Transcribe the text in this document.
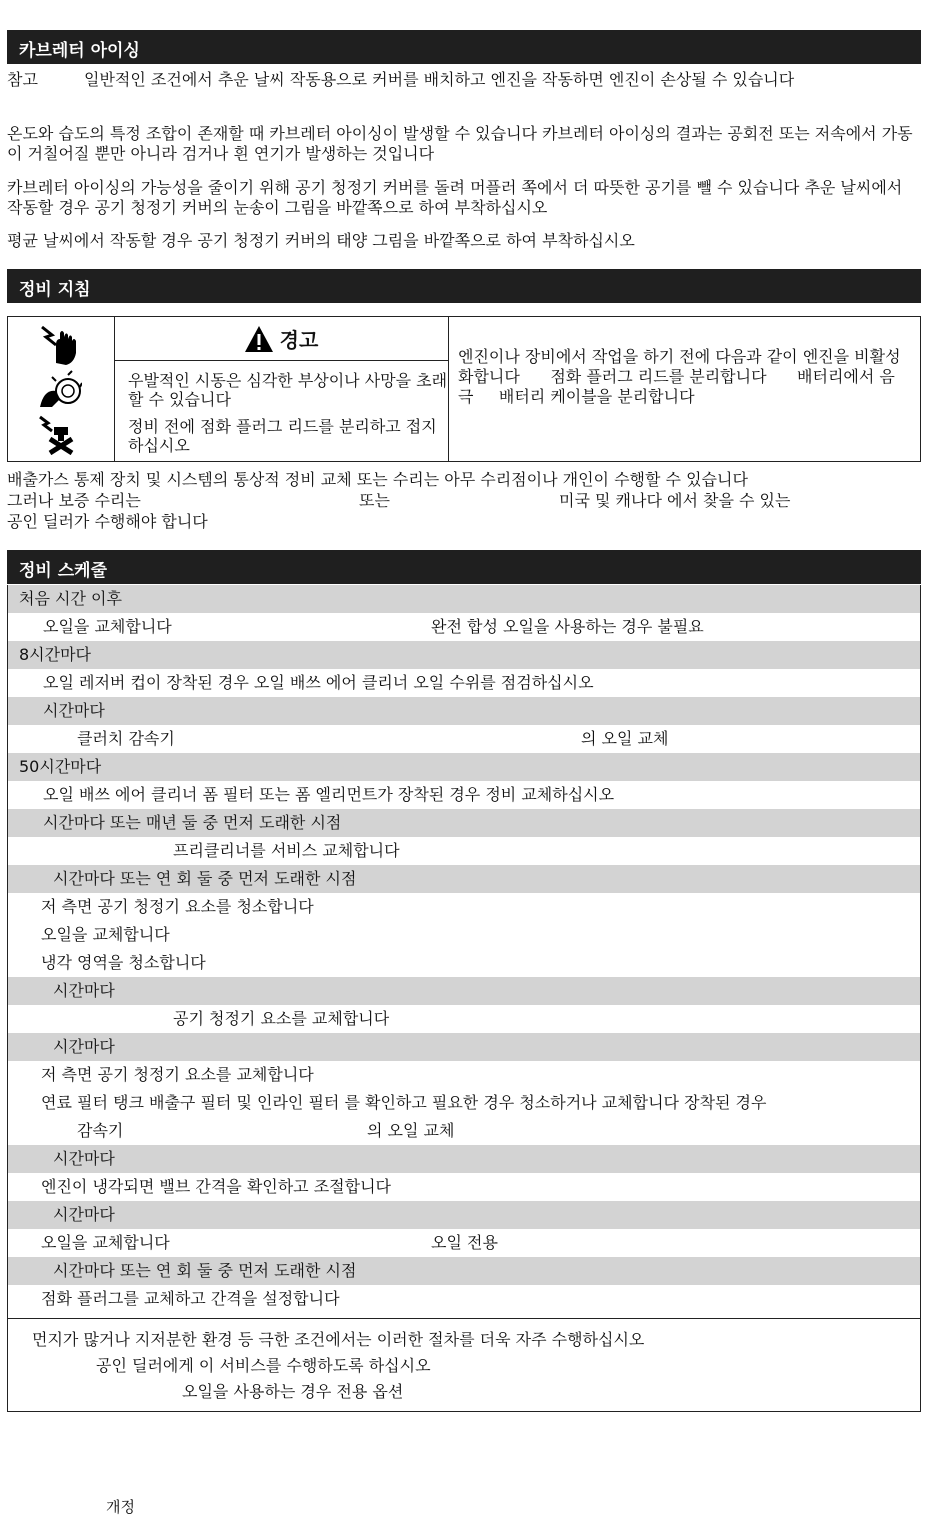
카브레터 아이싱
참고	일반적인 조건에서 추운 날씨 작동용으로 커버를 배치하고 엔진을 작동하면 엔진이 손상될 수 있습니다

온도와 습도의 특정 조합이 존재할 때 카브레터 아이싱이 발생할 수 있습니다 카브레터 아이싱의 결과는 공회전 또는 저속에서 가동이 거칠어질 뿐만 아니라 검거나 흰 연기가 발생하는 것입니다

카브레터 아이싱의 가능성을 줄이기 위해 공기 청정기 커버를 돌려 머플러 쪽에서 더 따뜻한 공기를 뺄 수 있습니다 추운 날씨에서 작동할 경우 공기 청정기 커버의 눈송이 그림을 바깥쪽으로 하여 부착하십시오

평균 날씨에서 작동할 경우 공기 청정기 커버의 태양 그림을 바깥쪽으로 하여 부착하십시오

정비 지침
경고

우발적인 시동은 심각한 부상이나 사망을 초래할 수 있습니다

정비 전에 점화 플러그 리드를 분리하고 접지하십시오

엔진이나 장비에서 작업을 하기 전에 다음과 같이 엔진을 비활성화합니다      점화 플러그 리드를 분리합니다      배터리에서 음극     배터리 케이블을 분리합니다
배출가스 통제 장치 및 시스템의 통상적 정비 교체 또는 수리는 아무 수리점이나 개인이 수행할 수 있습니다
그러나 보증 수리는	또는	미국 및 캐나다 에서 찾을 수 있는
공인 딜러가 수행해야 합니다
정비 스케줄
처음 시간 이후
오일을 교체합니다	완전 합성 오일을 사용하는 경우 불필요
8시간마다
오일 레저버 컵이 장착된 경우 오일 배쓰 에어 클리너 오일 수위를 점검하십시오
시간마다
클러치 감속기	의 오일 교체
50시간마다
오일 배쓰 에어 클리너 폼 필터 또는 폼 엘리먼트가 장착된 경우 정비 교체하십시오
시간마다 또는 매년 둘 중 먼저 도래한 시점
프리클리너를 서비스 교체합니다
시간마다 또는 연 회 둘 중 먼저 도래한 시점
저 측면 공기 청정기 요소를 청소합니다
오일을 교체합니다
냉각 영역을 청소합니다
시간마다
공기 청정기 요소를 교체합니다
시간마다
저 측면 공기 청정기 요소를 교체합니다
연료 필터 탱크 배출구 필터 및 인라인 필터 를 확인하고 필요한 경우 청소하거나 교체합니다 장착된 경우
감속기	의 오일 교체
시간마다
엔진이 냉각되면 밸브 간격을 확인하고 조절합니다
시간마다
오일을 교체합니다	오일 전용
시간마다 또는 연 회 둘 중 먼저 도래한 시점
점화 플러그를 교체하고 간격을 설정합니다
먼지가 많거나 지저분한 환경 등 극한 조건에서는 이러한 절차를 더욱 자주 수행하십시오
공인 딜러에게 이 서비스를 수행하도록 하십시오
오일을 사용하는 경우 전용 옵션
개정
